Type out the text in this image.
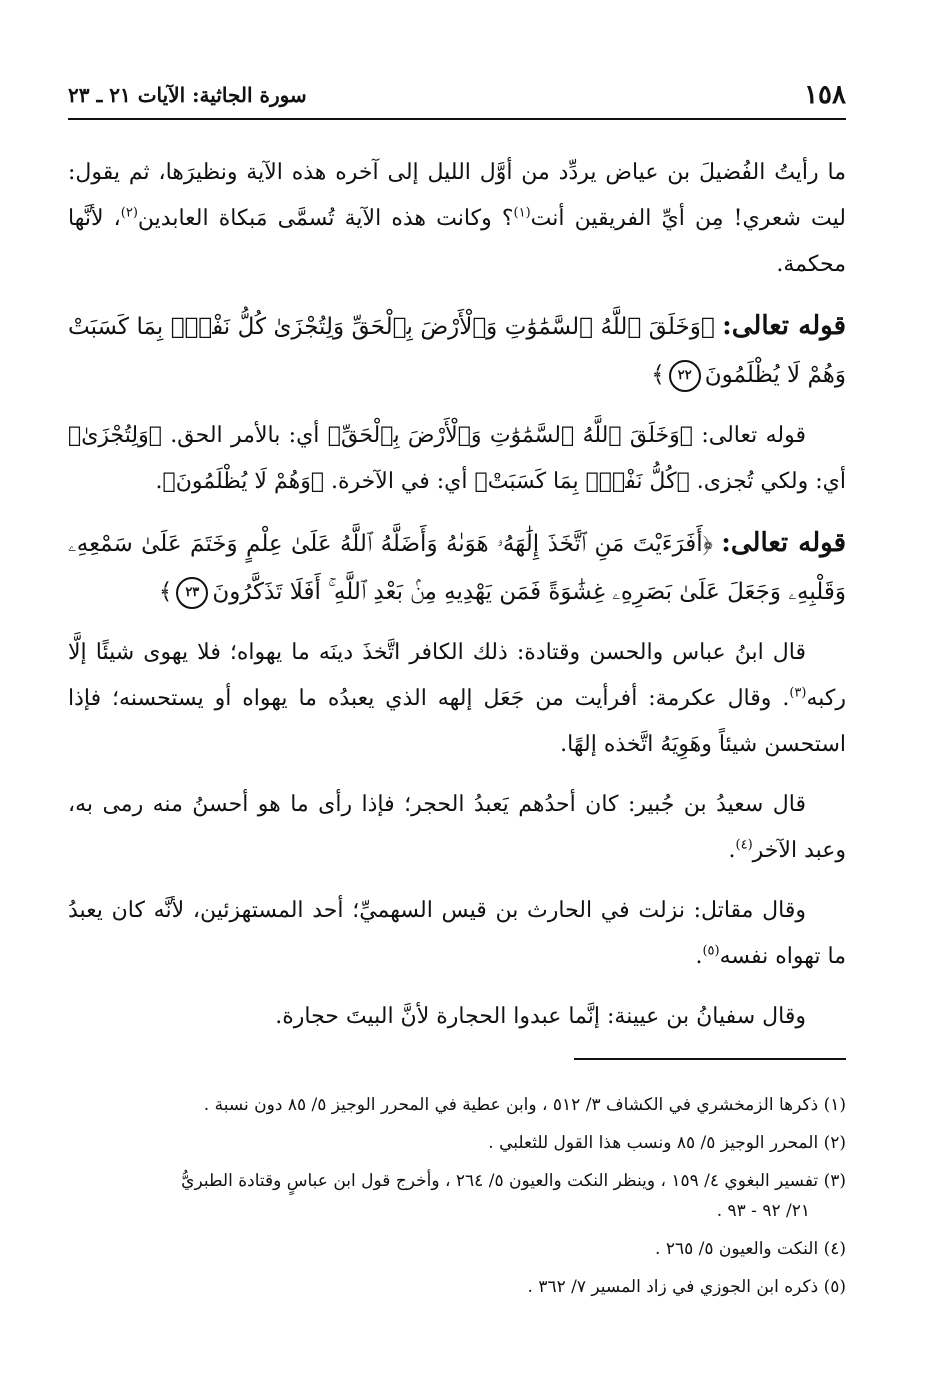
١٥٨
سورة الجاثية: الآيات ٢١ ـ ٢٣

ما رأيتُ الفُضيلَ بن عياض يردِّد من أوَّل الليل إلى آخره هذه الآية ونظيرَها، ثم يقول: ليت شعري! مِن أيِّ الفريقين أنت$^{(١)}$؟ وكانت هذه الآية تُسمَّى مَبكاة العابدين$^{(٢)}$، لأنَّها محكمة.

قوله تعالى: ﴿وَخَلَقَ ٱللَّهُ ٱلسَّمَٰوَٰتِ وَٱلْأَرْضَ بِٱلْحَقِّ وَلِتُجْزَىٰ كُلُّ نَفْسٍۭ بِمَا كَسَبَتْ وَهُمْ لَا يُظْلَمُونَ٢٢﴾

قوله تعالى: ﴿وَخَلَقَ ٱللَّهُ ٱلسَّمَٰوَٰتِ وَٱلْأَرْضَ بِٱلْحَقِّ﴾ أي: بالأمر الحق. ﴿وَلِتُجْزَىٰ﴾ أي: ولكي تُجزى. ﴿كُلُّ نَفْسٍۭ بِمَا كَسَبَتْ﴾ أي: في الآخرة. ﴿وَهُمْ لَا يُظْلَمُونَ﴾.

قوله تعالى: ﴿أَفَرَءَيْتَ مَنِ ٱتَّخَذَ إِلَٰهَهُۥ هَوَىٰهُ وَأَضَلَّهُ ٱللَّهُ عَلَىٰ عِلْمٍ وَخَتَمَ عَلَىٰ سَمْعِهِۦ وَقَلْبِهِۦ وَجَعَلَ عَلَىٰ بَصَرِهِۦ غِشَٰوَةً فَمَن يَهْدِيهِ مِنۢ بَعْدِ ٱللَّهِ ۚ أَفَلَا تَذَكَّرُونَ٢٣﴾

قال ابنُ عباس والحسن وقتادة: ذلك الكافر اتَّخذَ دينَه ما يهواه؛ فلا يهوى شيئًا إلَّا ركبه$^{(٣)}$. وقال عكرمة: أفرأيت من جَعَل إلهه الذي يعبدُه ما يهواه أو يستحسنه؛ فإذا استحسن شيئاً وهَوِيَهُ اتَّخذه إلهًا.

قال سعيدُ بن جُبير: كان أحدُهم يَعبدُ الحجر؛ فإذا رأى ما هو أحسنُ منه رمى به، وعبد الآخر$^{(٤)}$.

وقال مقاتل: نزلت في الحارث بن قيس السهميِّ؛ أحد المستهزئين، لأنَّه كان يعبدُ ما تهواه نفسه$^{(٥)}$.

وقال سفيانُ بن عيينة: إنَّما عبدوا الحجارة لأنَّ البيتَ حجارة.

(١) ذكرها الزمخشري في الكشاف ٣/ ٥١٢ ، وابن عطية في المحرر الوجيز ٥/ ٨٥ دون نسبة .
(٢) المحرر الوجيز ٥/ ٨٥ ونسب هذا القول للثعلبي .
(٣) تفسير البغوي ٤/ ١٥٩ ، وينظر النكت والعيون ٥/ ٢٦٤ ، وأخرج قول ابن عباسٍ وقتادة الطبريُّ
٢١/ ٩٢ - ٩٣ .
(٤) النكت والعيون ٥/ ٢٦٥ .
(٥) ذكره ابن الجوزي في زاد المسير ٧/ ٣٦٢ .
